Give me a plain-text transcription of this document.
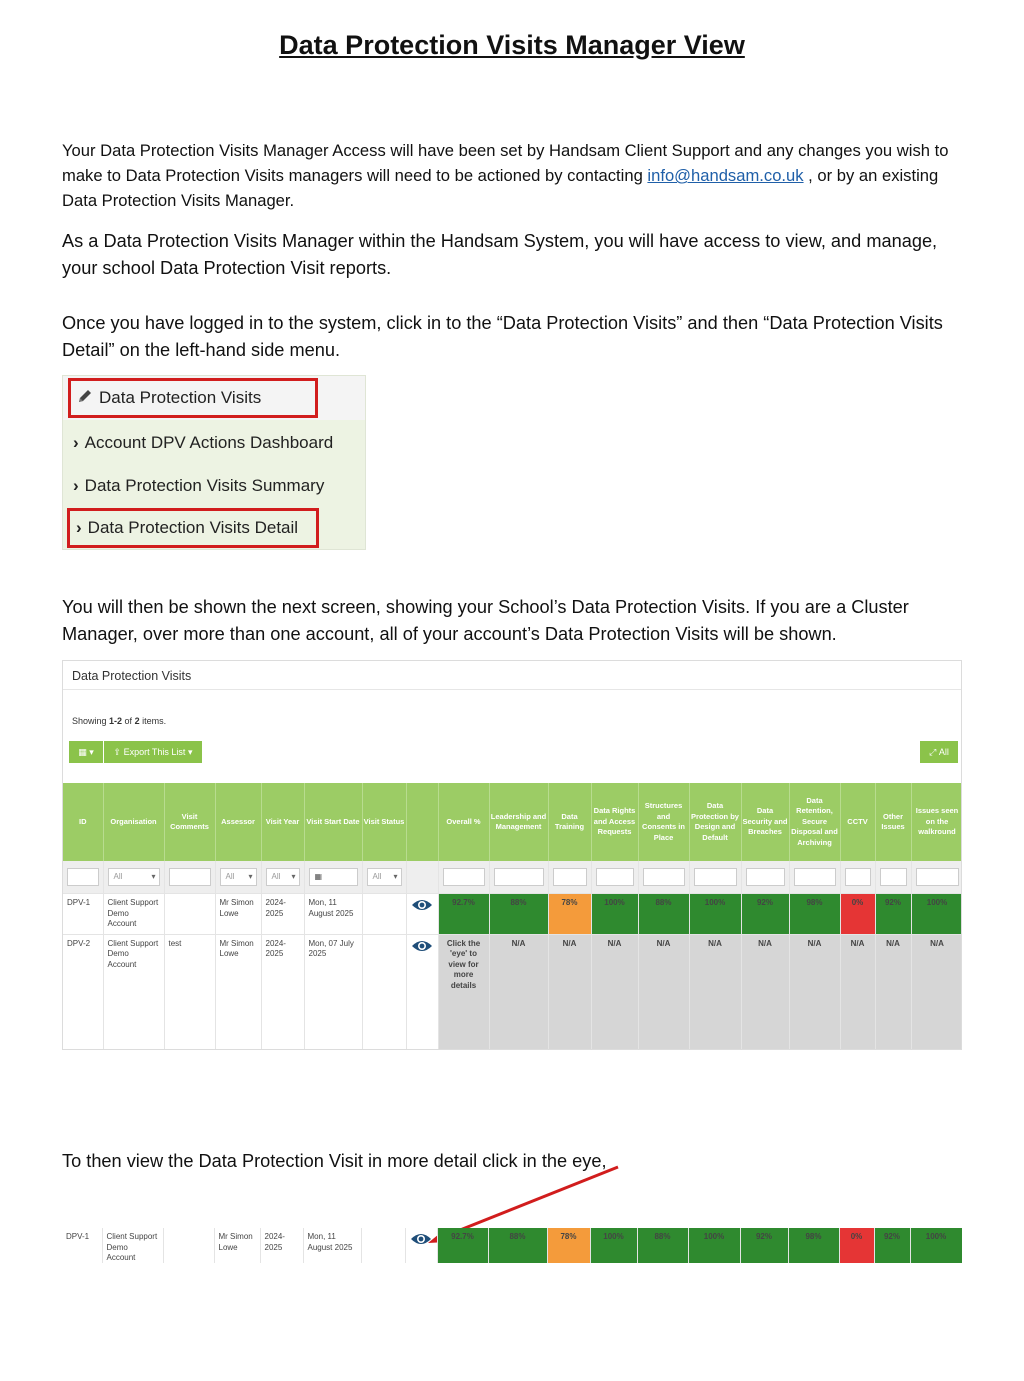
Data Protection Visits Manager View

Your Data Protection Visits Manager Access will have been set by Handsam Client Support and any changes you wish to make to Data Protection Visits managers will need to be actioned by contacting info@handsam.co.uk , or by an existing Data Protection Visits Manager.

As a Data Protection Visits Manager within the Handsam System, you will have access to view, and manage, your school Data Protection Visit reports.

Once you have logged in to the system, click in to the “Data Protection Visits” and then “Data Protection Visits Detail” on the left-hand side menu.

Data Protection Visits
› Account DPV Actions Dashboard
› Data Protection Visits Summary
› Data Protection Visits Detail

You will then be shown the next screen, showing your School’s Data Protection Visits. If you are a Cluster Manager, over more than one account, all of your account’s Data Protection Visits will be shown.

Data Protection Visits
Showing 1-2 of 2 items.
▦ ▾	⇪
Export This List ▾	⤢
All
ID	Organisation	Visit Comments	Assessor	Visit Year	Visit Start Date	Visit Status		Overall %	Leadership and Management	Data Training	Data Rights and Access Requests	Structures and Consents in Place	Data Protection by Design and Default	Data Security and Breaches	Data Retention, Secure Disposal and Archiving	CCTV	Other Issues	Issues seen on the walkround

	All ▾		All ▾	All ▾	▦	All ▾												

DPV-1	Client Support Demo Account		Mr Simon Lowe	2024-2025	Mon, 11 August 2025			92.7%	88%	78%	100%	88%	100%	92%	98%	0%	92%	100%
DPV-2	Client Support Demo Account	test	Mr Simon Lowe	2024-2025	Mon, 07 July 2025			Click the 'eye' to view for more details	N/A	N/A	N/A	N/A	N/A	N/A	N/A	N/A	N/A	N/A

To then view the Data Protection Visit in more detail click in the eye,

DPV-1	Client Support Demo Account		Mr Simon Lowe	2024-2025	Mon, 11 August 2025			92.7%	88%	78%	100%	88%	100%	92%	98%	0%	92%	100%
